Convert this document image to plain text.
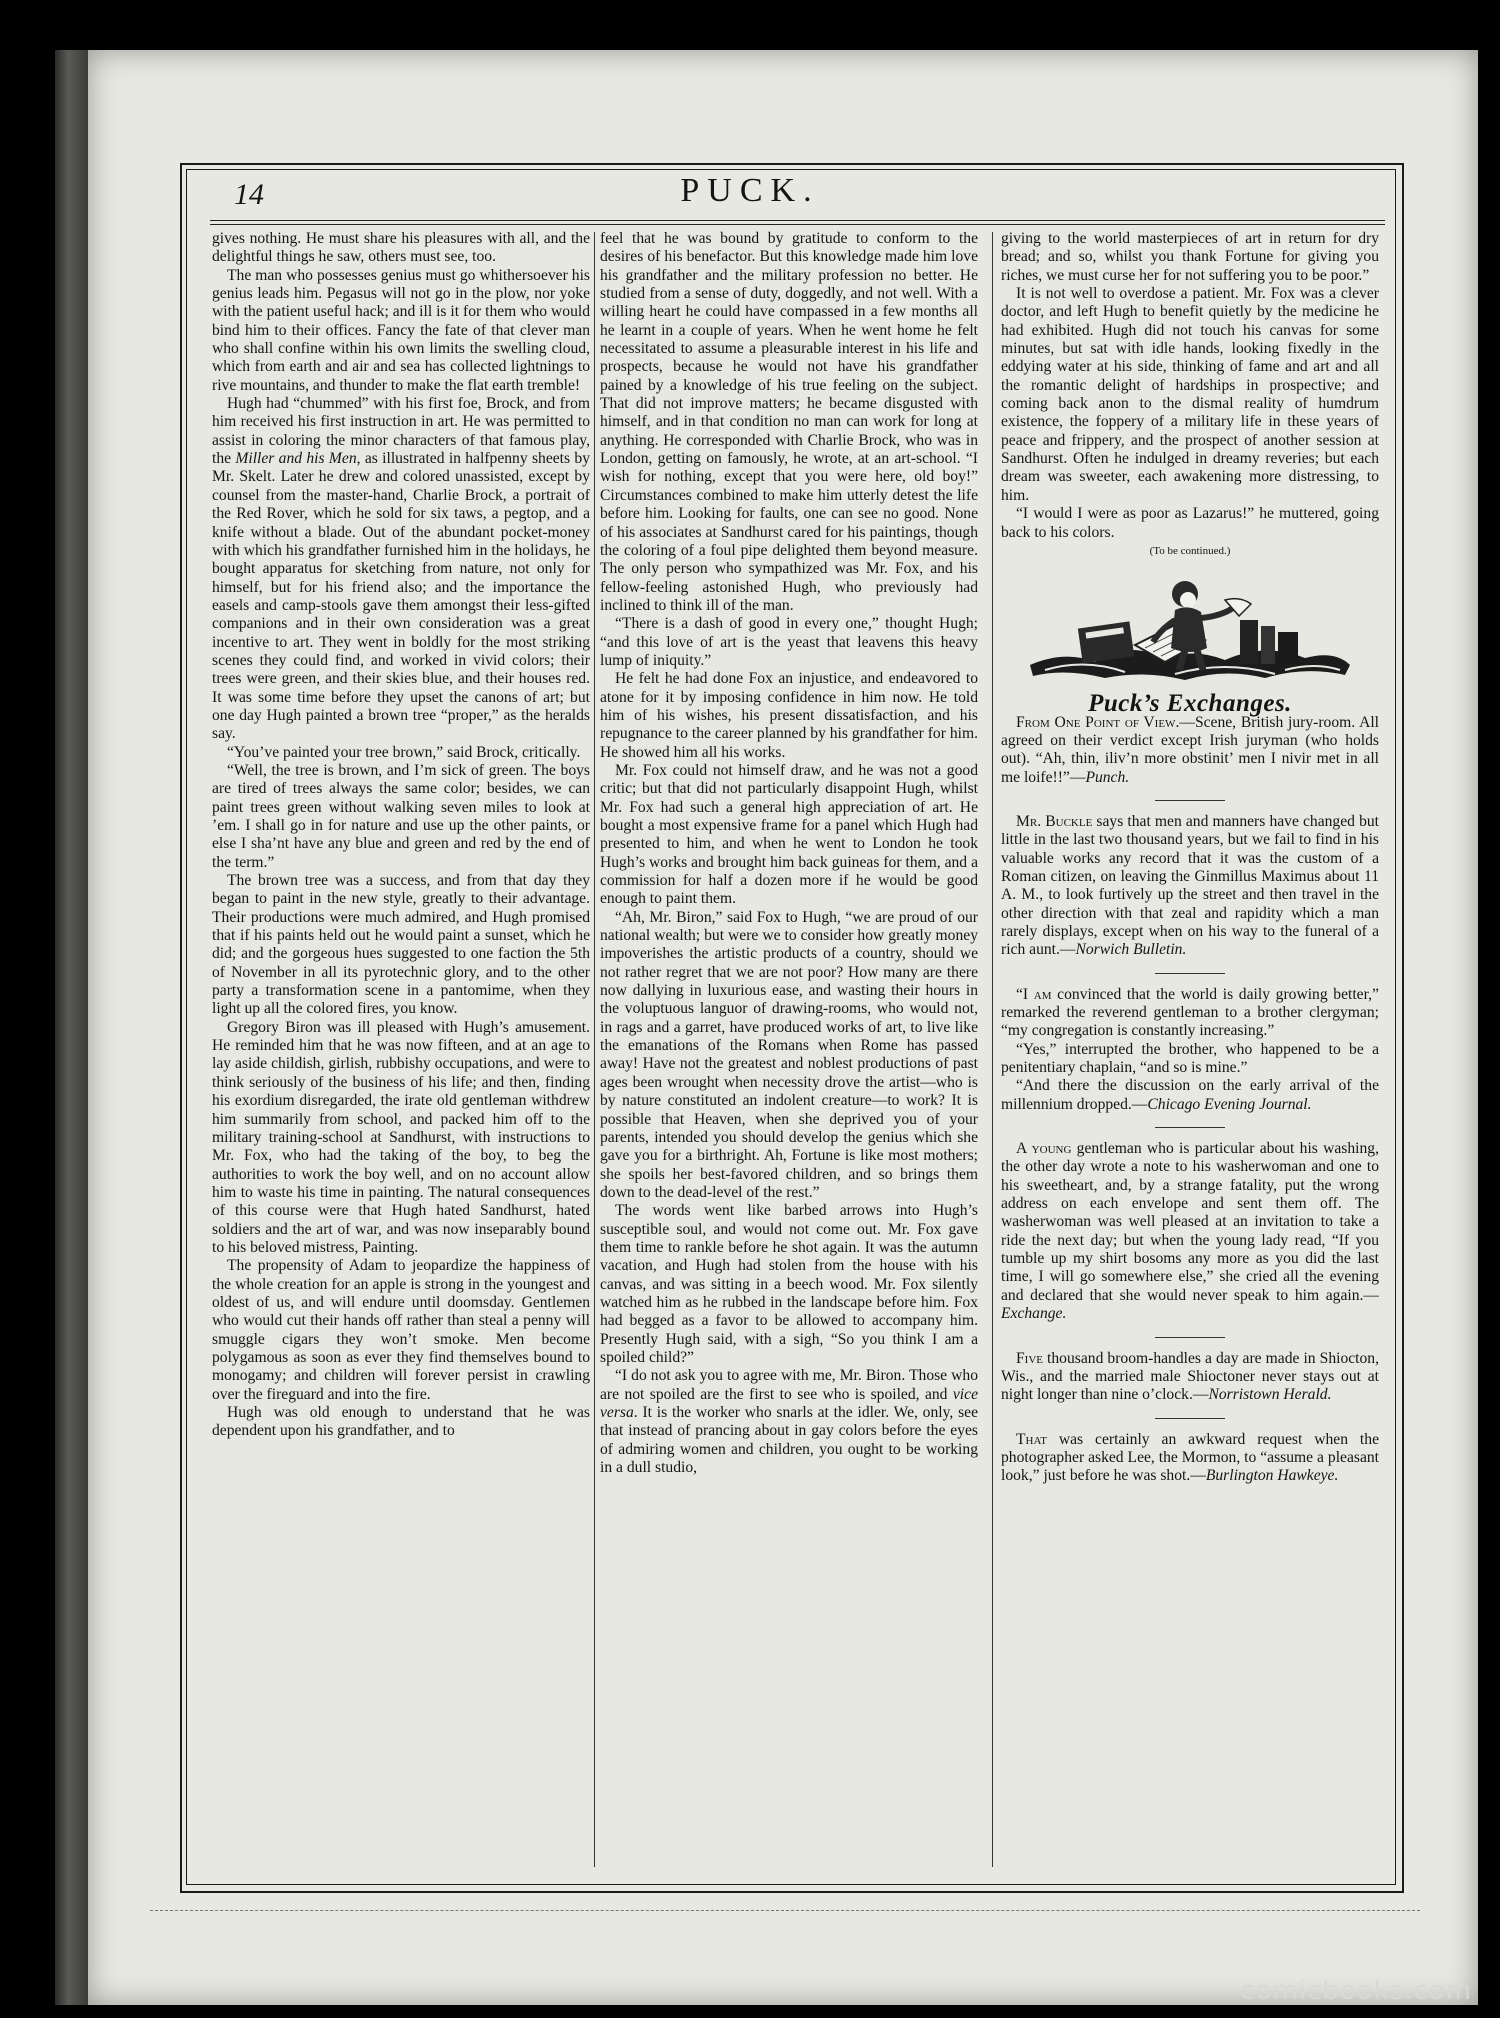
14	PUCK.

gives nothing. He must share his pleasures with all, and the delightful things he saw, others must see, too.

The man who possesses genius must go whithersoever his genius leads him. Pegasus will not go in the plow, nor yoke with the patient useful hack; and ill is it for them who would bind him to their offices. Fancy the fate of that clever man who shall confine within his own limits the swelling cloud, which from earth and air and sea has collected lightnings to rive mountains, and thunder to make the flat earth tremble!

Hugh had “chummed” with his first foe, Brock, and from him received his first instruction in art. He was permitted to assist in coloring the minor characters of that famous play, the Miller and his Men, as illustrated in halfpenny sheets by Mr. Skelt. Later he drew and colored unassisted, except by counsel from the master-hand, Charlie Brock, a portrait of the Red Rover, which he sold for six taws, a pegtop, and a knife without a blade. Out of the abundant pocket-money with which his grandfather furnished him in the holidays, he bought apparatus for sketching from nature, not only for himself, but for his friend also; and the importance the easels and camp-stools gave them amongst their less-gifted companions and in their own consideration was a great incentive to art. They went in boldly for the most striking scenes they could find, and worked in vivid colors; their trees were green, and their skies blue, and their houses red. It was some time before they upset the canons of art; but one day Hugh painted a brown tree “proper,” as the heralds say.

“You’ve painted your tree brown,” said Brock, critically.

“Well, the tree is brown, and I’m sick of green. The boys are tired of trees always the same color; besides, we can paint trees green without walking seven miles to look at ’em. I shall go in for nature and use up the other paints, or else I sha’nt have any blue and green and red by the end of the term.”

The brown tree was a success, and from that day they began to paint in the new style, greatly to their advantage. Their productions were much admired, and Hugh promised that if his paints held out he would paint a sunset, which he did; and the gorgeous hues suggested to one faction the 5th of November in all its pyrotechnic glory, and to the other party a transformation scene in a pantomime, when they light up all the colored fires, you know.

Gregory Biron was ill pleased with Hugh’s amusement. He reminded him that he was now fifteen, and at an age to lay aside childish, girlish, rubbishy occupations, and were to think seriously of the business of his life; and then, finding his exordium disregarded, the irate old gentleman withdrew him summarily from school, and packed him off to the military training-school at Sandhurst, with instructions to Mr. Fox, who had the taking of the boy, to beg the authorities to work the boy well, and on no account allow him to waste his time in painting. The natural consequences of this course were that Hugh hated Sandhurst, hated soldiers and the art of war, and was now inseparably bound to his beloved mistress, Painting.

The propensity of Adam to jeopardize the happiness of the whole creation for an apple is strong in the youngest and oldest of us, and will endure until doomsday. Gentlemen who would cut their hands off rather than steal a penny will smuggle cigars they won’t smoke. Men become polygamous as soon as ever they find themselves bound to monogamy; and children will forever persist in crawling over the fireguard and into the fire.

Hugh was old enough to understand that he was dependent upon his grandfather, and to

feel that he was bound by gratitude to conform to the desires of his benefactor. But this knowledge made him love his grandfather and the military profession no better. He studied from a sense of duty, doggedly, and not well. With a willing heart he could have compassed in a few months all he learnt in a couple of years. When he went home he felt necessitated to assume a pleasurable interest in his life and prospects, because he would not have his grandfather pained by a knowledge of his true feeling on the subject. That did not improve matters; he became disgusted with himself, and in that condition no man can work for long at anything. He corresponded with Charlie Brock, who was in London, getting on famously, he wrote, at an art-school. “I wish for nothing, except that you were here, old boy!” Circumstances combined to make him utterly detest the life before him. Looking for faults, one can see no good. None of his associates at Sandhurst cared for his paintings, though the coloring of a foul pipe delighted them beyond measure. The only person who sympathized was Mr. Fox, and his fellow-feeling astonished Hugh, who previously had inclined to think ill of the man.

“There is a dash of good in every one,” thought Hugh; “and this love of art is the yeast that leavens this heavy lump of iniquity.”

He felt he had done Fox an injustice, and endeavored to atone for it by imposing confidence in him now. He told him of his wishes, his present dissatisfaction, and his repugnance to the career planned by his grandfather for him. He showed him all his works.

Mr. Fox could not himself draw, and he was not a good critic; but that did not particularly disappoint Hugh, whilst Mr. Fox had such a general high appreciation of art. He bought a most expensive frame for a panel which Hugh had presented to him, and when he went to London he took Hugh’s works and brought him back guineas for them, and a commission for half a dozen more if he would be good enough to paint them.

“Ah, Mr. Biron,” said Fox to Hugh, “we are proud of our national wealth; but were we to consider how greatly money impoverishes the artistic products of a country, should we not rather regret that we are not poor? How many are there now dallying in luxurious ease, and wasting their hours in the voluptuous languor of drawing-rooms, who would not, in rags and a garret, have produced works of art, to live like the emanations of the Romans when Rome has passed away! Have not the greatest and noblest productions of past ages been wrought when necessity drove the artist—who is by nature constituted an indolent creature—to work? It is possible that Heaven, when she deprived you of your parents, intended you should develop the genius which she gave you for a birthright. Ah, Fortune is like most mothers; she spoils her best-favored children, and so brings them down to the dead-level of the rest.”

The words went like barbed arrows into Hugh’s susceptible soul, and would not come out. Mr. Fox gave them time to rankle before he shot again. It was the autumn vacation, and Hugh had stolen from the house with his canvas, and was sitting in a beech wood. Mr. Fox silently watched him as he rubbed in the landscape before him. Fox had begged as a favor to be allowed to accompany him. Presently Hugh said, with a sigh, “So you think I am a spoiled child?”

“I do not ask you to agree with me, Mr. Biron. Those who are not spoiled are the first to see who is spoiled, and vice versa. It is the worker who snarls at the idler. We, only, see that instead of prancing about in gay colors before the eyes of admiring women and children, you ought to be working in a dull studio,

giving to the world masterpieces of art in return for dry bread; and so, whilst you thank Fortune for giving you riches, we must curse her for not suffering you to be poor.”

It is not well to overdose a patient. Mr. Fox was a clever doctor, and left Hugh to benefit quietly by the medicine he had exhibited. Hugh did not touch his canvas for some minutes, but sat with idle hands, looking fixedly in the eddying water at his side, thinking of fame and art and all the romantic delight of hardships in prospective; and coming back anon to the dismal reality of humdrum existence, the foppery of a military life in these years of peace and frippery, and the prospect of another session at Sandhurst. Often he indulged in dreamy reveries; but each dream was sweeter, each awakening more distressing, to him.

“I would I were as poor as Lazarus!” he muttered, going back to his colors.

(To be continued.)

Puck’s Exchanges.

From One Point of View.—Scene, British jury-room. All agreed on their verdict except Irish juryman (who holds out). “Ah, thin, iliv’n more obstinit’ men I nivir met in all me loife!!”—Punch.

Mr. Buckle says that men and manners have changed but little in the last two thousand years, but we fail to find in his valuable works any record that it was the custom of a Roman citizen, on leaving the Ginmillus Maximus about 11 A. M., to look furtively up the street and then travel in the other direction with that zeal and rapidity which a man rarely displays, except when on his way to the funeral of a rich aunt.—Norwich Bulletin.

“I am convinced that the world is daily growing better,” remarked the reverend gentleman to a brother clergyman; “my congregation is constantly increasing.”

“Yes,” interrupted the brother, who happened to be a penitentiary chaplain, “and so is mine.”

“And there the discussion on the early arrival of the millennium dropped.—Chicago Evening Journal.

A young gentleman who is particular about his washing, the other day wrote a note to his washerwoman and one to his sweetheart, and, by a strange fatality, put the wrong address on each envelope and sent them off. The washerwoman was well pleased at an invitation to take a ride the next day; but when the young lady read, “If you tumble up my shirt bosoms any more as you did the last time, I will go somewhere else,” she cried all the evening and declared that she would never speak to him again.—Exchange.

Five thousand broom-handles a day are made in Shiocton, Wis., and the married male Shioctoner never stays out at night longer than nine o’clock.—Norristown Herald.

That was certainly an awkward request when the photographer asked Lee, the Mormon, to “assume a pleasant look,” just before he was shot.—Burlington Hawkeye.

comicbooks.com
